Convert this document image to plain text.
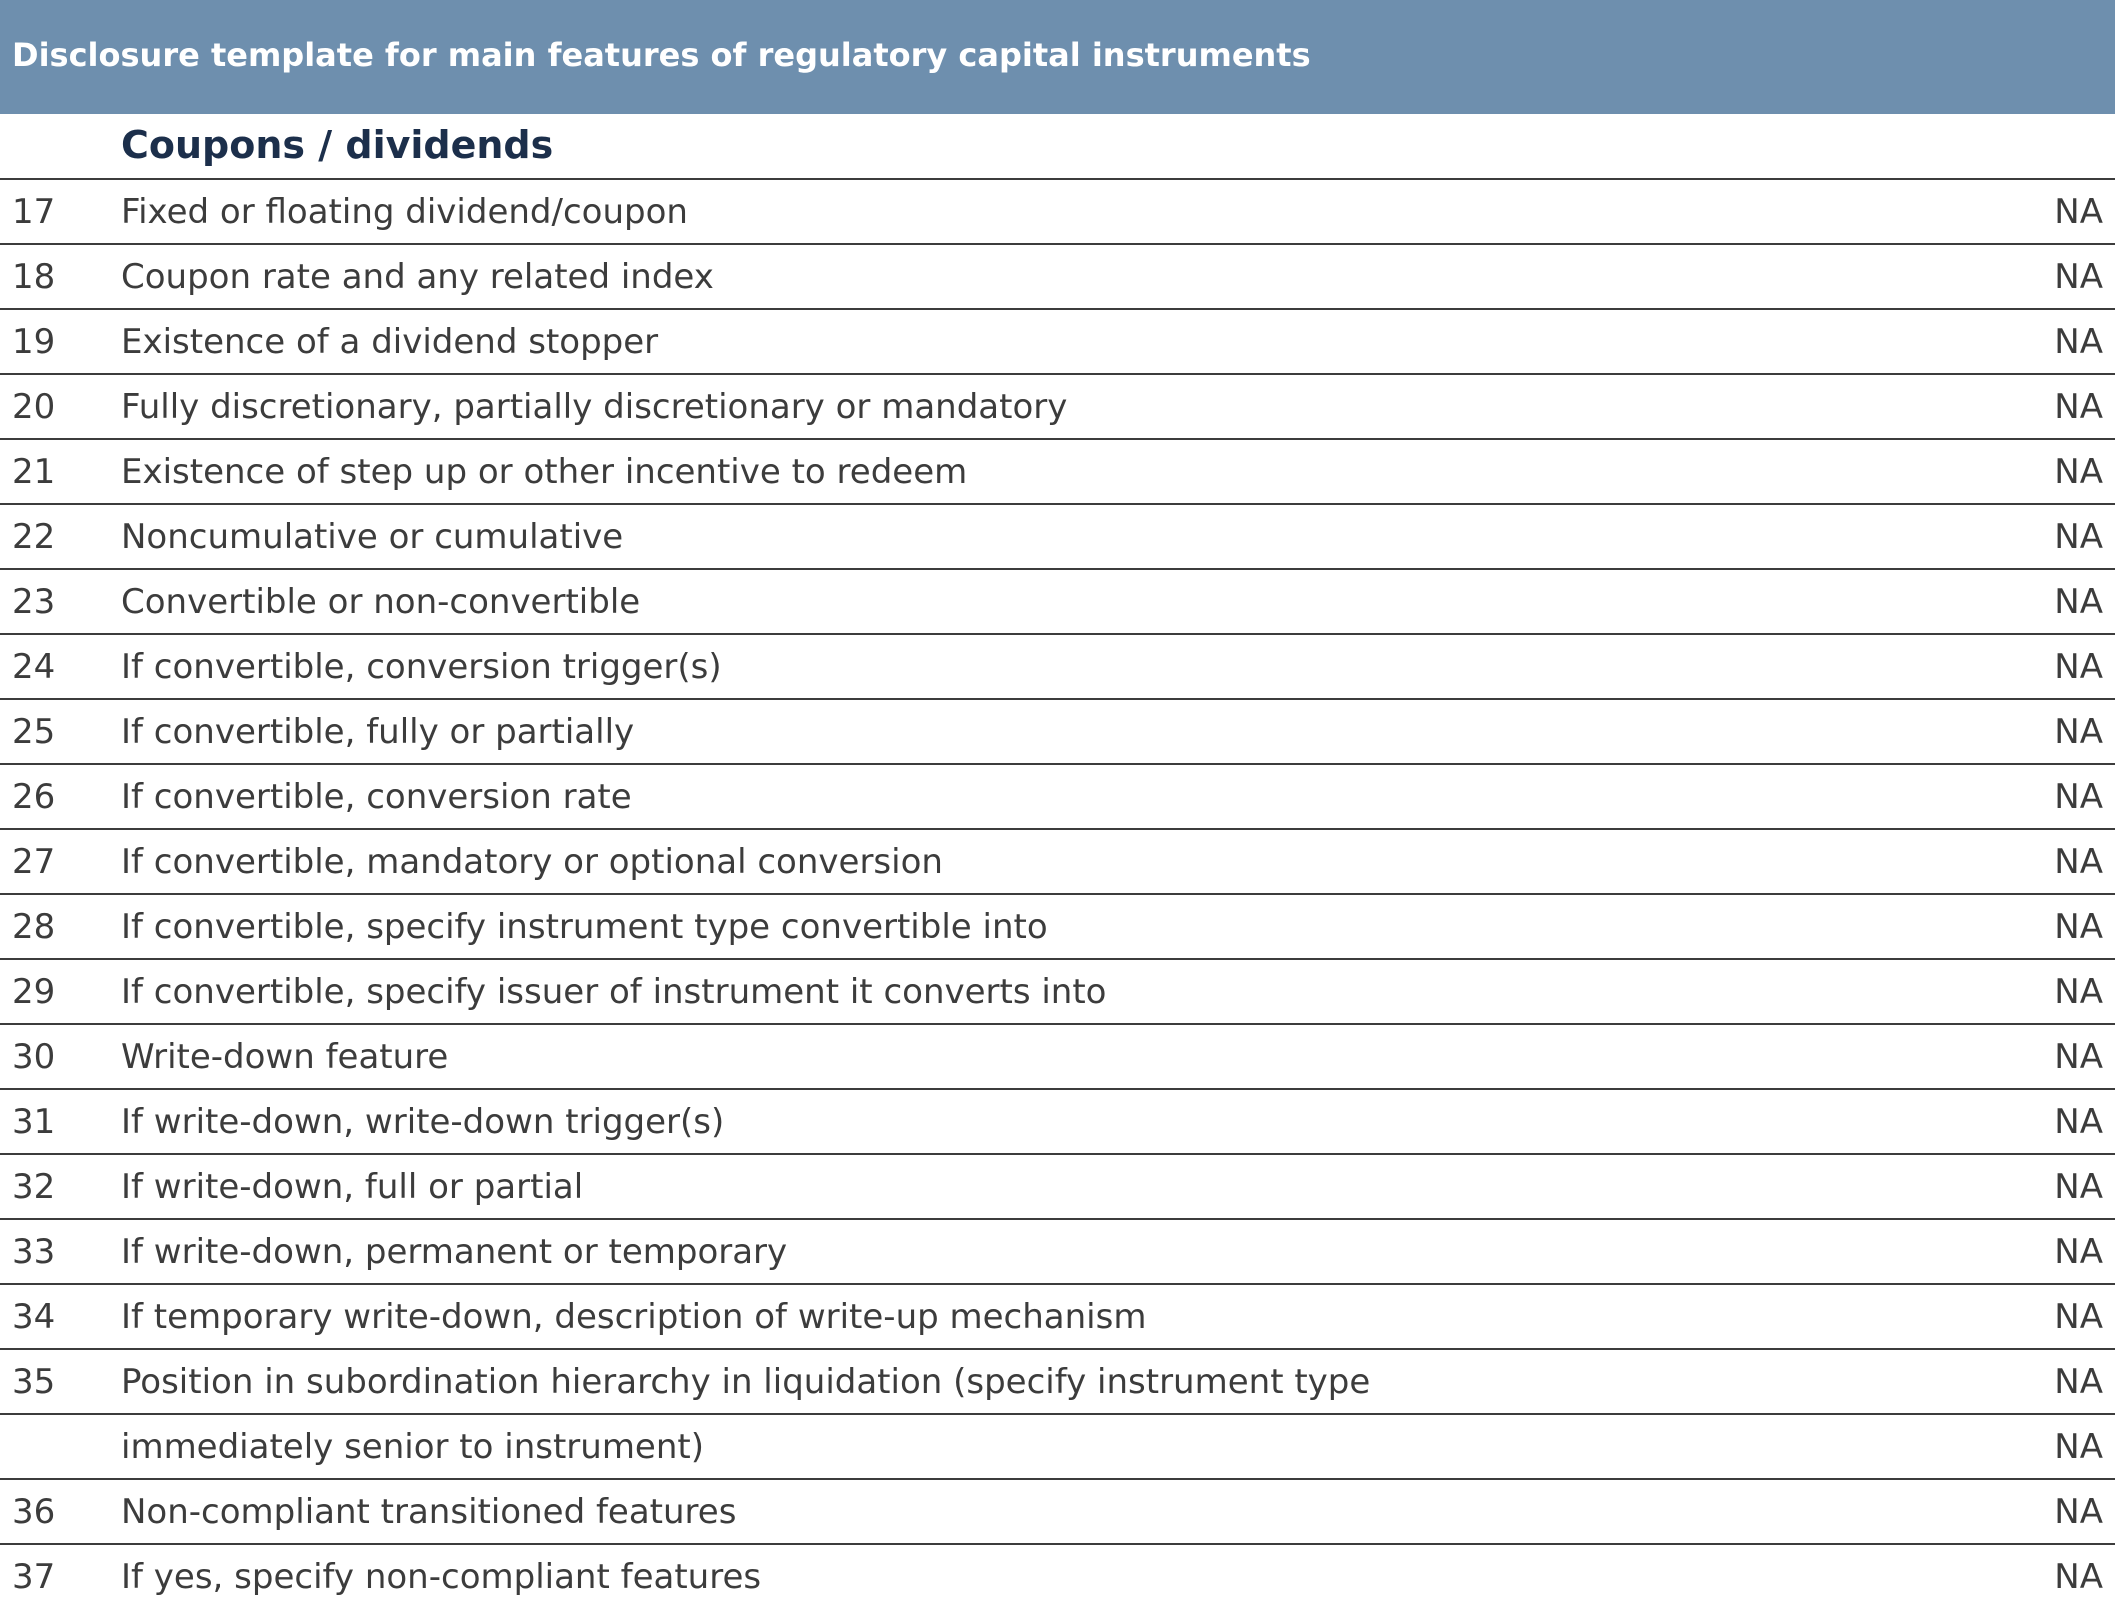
Disclosure template for main features of regulatory capital instruments
Coupons / dividends
17 Fixed or floating dividend/coupon	NA
18 Coupon rate and any related index	NA
19 Existence of a dividend stopper	NA
20 Fully discretionary, partially discretionary or mandatory	NA
21 Existence of step up or other incentive to redeem	NA
22 Noncumulative or cumulative	NA
23 Convertible or non-convertible	NA
24 If convertible, conversion trigger(s)	NA
25 If convertible, fully or partially	NA
26 If convertible, conversion rate	NA
27 If convertible, mandatory or optional conversion	NA
28 If convertible, specify instrument type convertible into	NA
29 If convertible, specify issuer of instrument it converts into	NA
30 Write-down feature	NA
31 If write-down, write-down trigger(s)	NA
32 If write-down, full or partial	NA
33 If write-down, permanent or temporary	NA
34 If temporary write-down, description of write-up mechanism	NA
35 Position in subordination hierarchy in liquidation (specify instrument type	NA
immediately senior to instrument)	NA
36 Non-compliant transitioned features	NA
37 If yes, specify non-compliant features	NA
